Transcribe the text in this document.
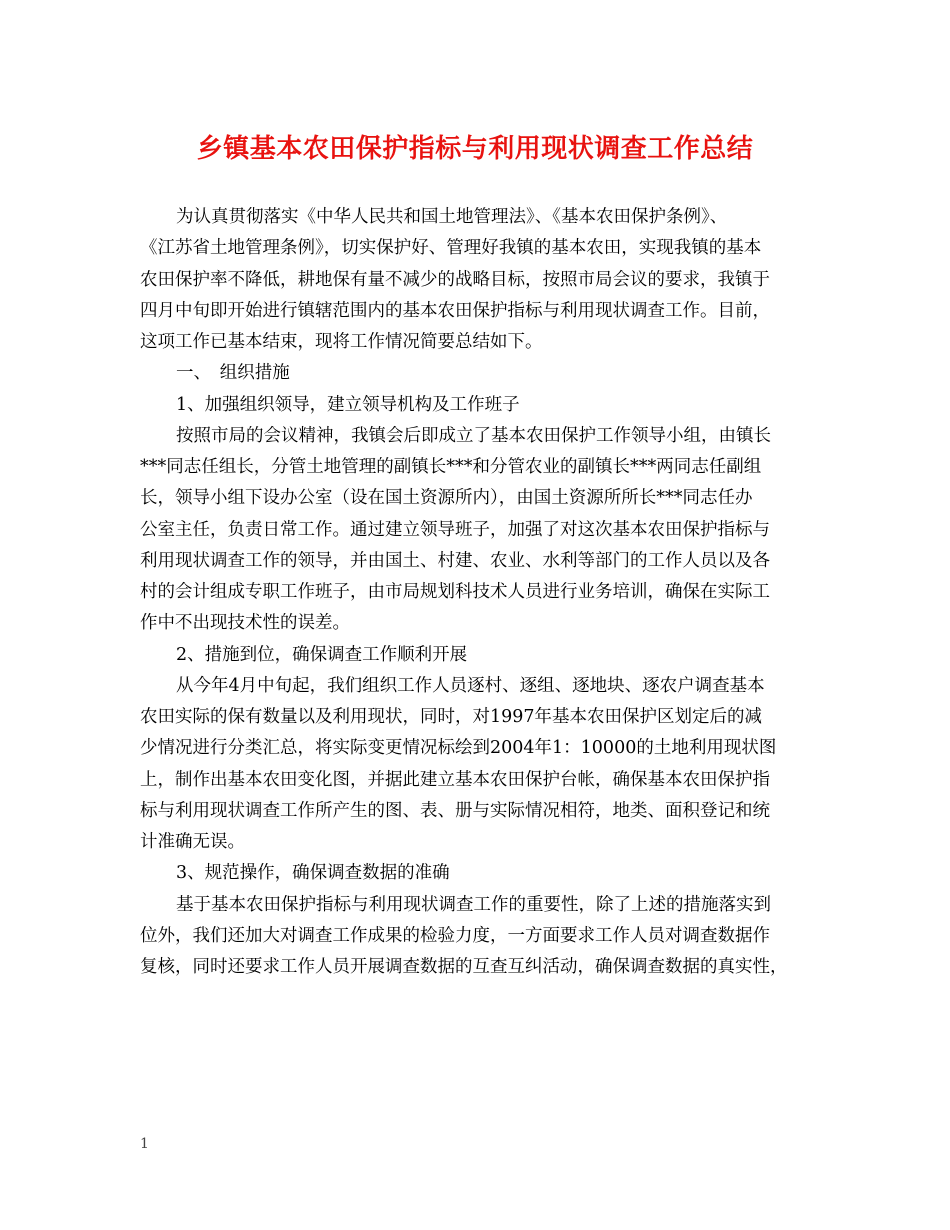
乡镇基本农田保护指标与利用现状调查工作总结
为认真贯彻落实《中华人民共和国土地管理法》、《基本农田保护条例》、
《江苏省土地管理条例》，切实保护好、管理好我镇的基本农田，实现我镇的基本
农田保护率不降低，耕地保有量不减少的战略目标，按照市局会议的要求，我镇于
四月中旬即开始进行镇辖范围内的基本农田保护指标与利用现状调查工作。目前，
这项工作已基本结束，现将工作情况简要总结如下。
一、　组织措施
1、加强组织领导，建立领导机构及工作班子
按照市局的会议精神，我镇会后即成立了基本农田保护工作领导小组，由镇长
***同志任组长，分管土地管理的副镇长***和分管农业的副镇长***两同志任副组
长，领导小组下设办公室（设在国土资源所内），由国土资源所所长***同志任办
公室主任，负责日常工作。通过建立领导班子，加强了对这次基本农田保护指标与
利用现状调查工作的领导，并由国土、村建、农业、水利等部门的工作人员以及各
村的会计组成专职工作班子，由市局规划科技术人员进行业务培训，确保在实际工
作中不出现技术性的误差。
2、措施到位，确保调查工作顺利开展
从今年4月中旬起，我们组织工作人员逐村、逐组、逐地块、逐农户调查基本
农田实际的保有数量以及利用现状，同时，对1997年基本农田保护区划定后的减
少情况进行分类汇总，将实际变更情况标绘到2004年1：10000的土地利用现状图
上，制作出基本农田变化图，并据此建立基本农田保护台帐，确保基本农田保护指
标与利用现状调查工作所产生的图、表、册与实际情况相符，地类、面积登记和统
计准确无误。
3、规范操作，确保调查数据的准确
基于基本农田保护指标与利用现状调查工作的重要性，除了上述的措施落实到
位外，我们还加大对调查工作成果的检验力度，一方面要求工作人员对调查数据作
复核，同时还要求工作人员开展调查数据的互查互纠活动，确保调查数据的真实性，
1
